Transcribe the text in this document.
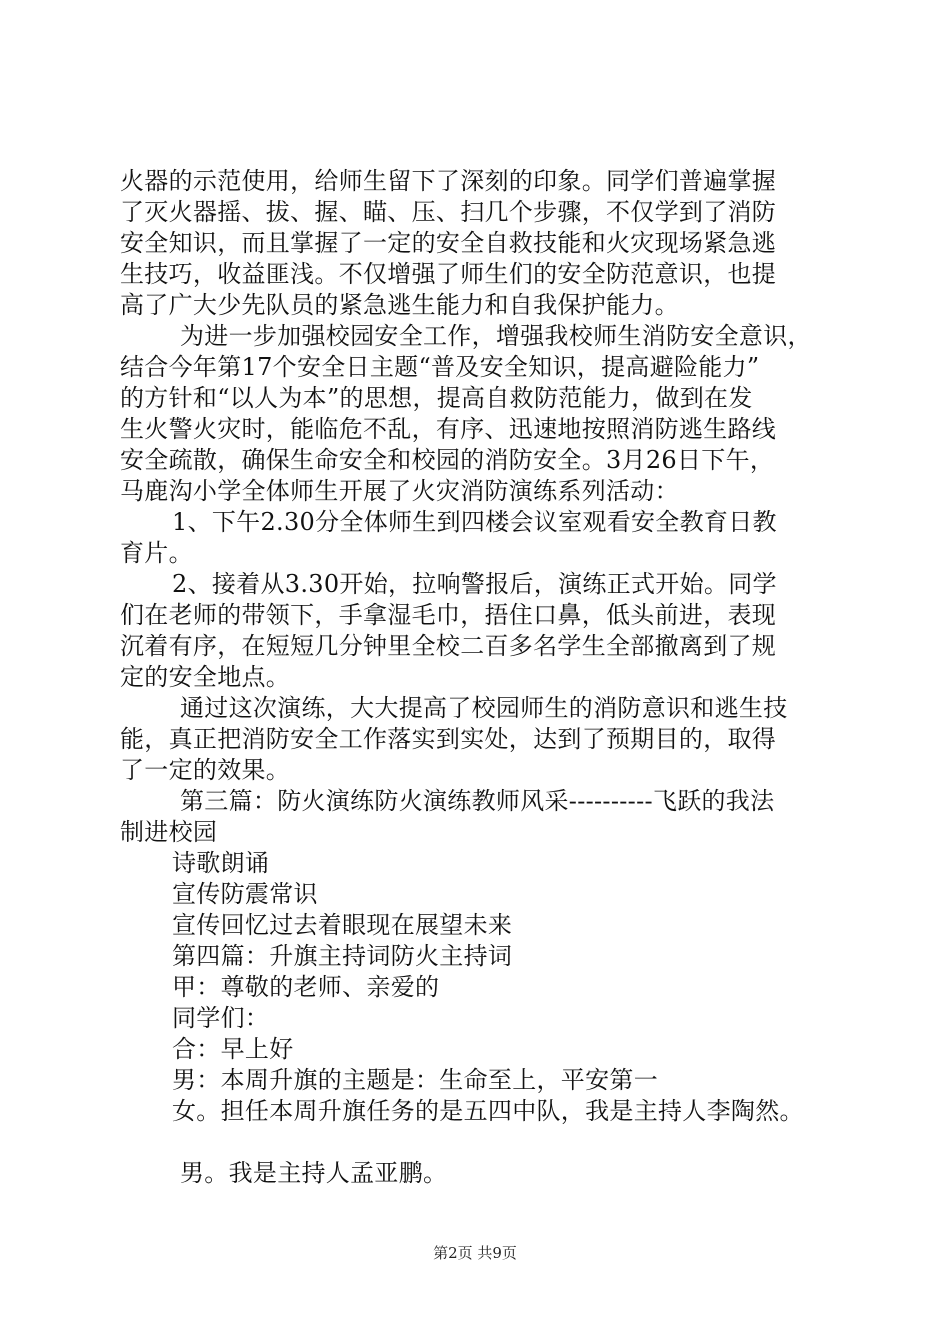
火器的示范使用，给师生留下了深刻的印象。同学们普遍掌握
了灭火器摇、拔、握、瞄、压、扫几个步骤，不仅学到了消防
安全知识，而且掌握了一定的安全自救技能和火灾现场紧急逃
生技巧，收益匪浅。不仅增强了师生们的安全防范意识，也提
高了广大少先队员的紧急逃生能力和自我保护能力。
为进一步加强校园安全工作，增强我校师生消防安全意识，
结合今年第17个安全日主题“普及安全知识，提高避险能力”
的方针和“以人为本”的思想，提高自救防范能力，做到在发
生火警火灾时，能临危不乱，有序、迅速地按照消防逃生路线
安全疏散，确保生命安全和校园的消防安全。3月26日下午，
马鹿沟小学全体师生开展了火灾消防演练系列活动：
1、下午2.30分全体师生到四楼会议室观看安全教育日教
育片。
2、接着从3.30开始，拉响警报后，演练正式开始。同学
们在老师的带领下，手拿湿毛巾，捂住口鼻，低头前进，表现
沉着有序，在短短几分钟里全校二百多名学生全部撤离到了规
定的安全地点。
通过这次演练，大大提高了校园师生的消防意识和逃生技
能，真正把消防安全工作落实到实处，达到了预期目的，取得
了一定的效果。
第三篇：防火演练防火演练教师风采----------飞跃的我法
制进校园
诗歌朗诵
宣传防震常识
宣传回忆过去着眼现在展望未来
第四篇：升旗主持词防火主持词
甲：尊敬的老师、亲爱的
同学们：
合：早上好
男：本周升旗的主题是：生命至上，平安第一
女。担任本周升旗任务的是五四中队，我是主持人李陶然。
男。我是主持人孟亚鹏。
第2页 共9页
